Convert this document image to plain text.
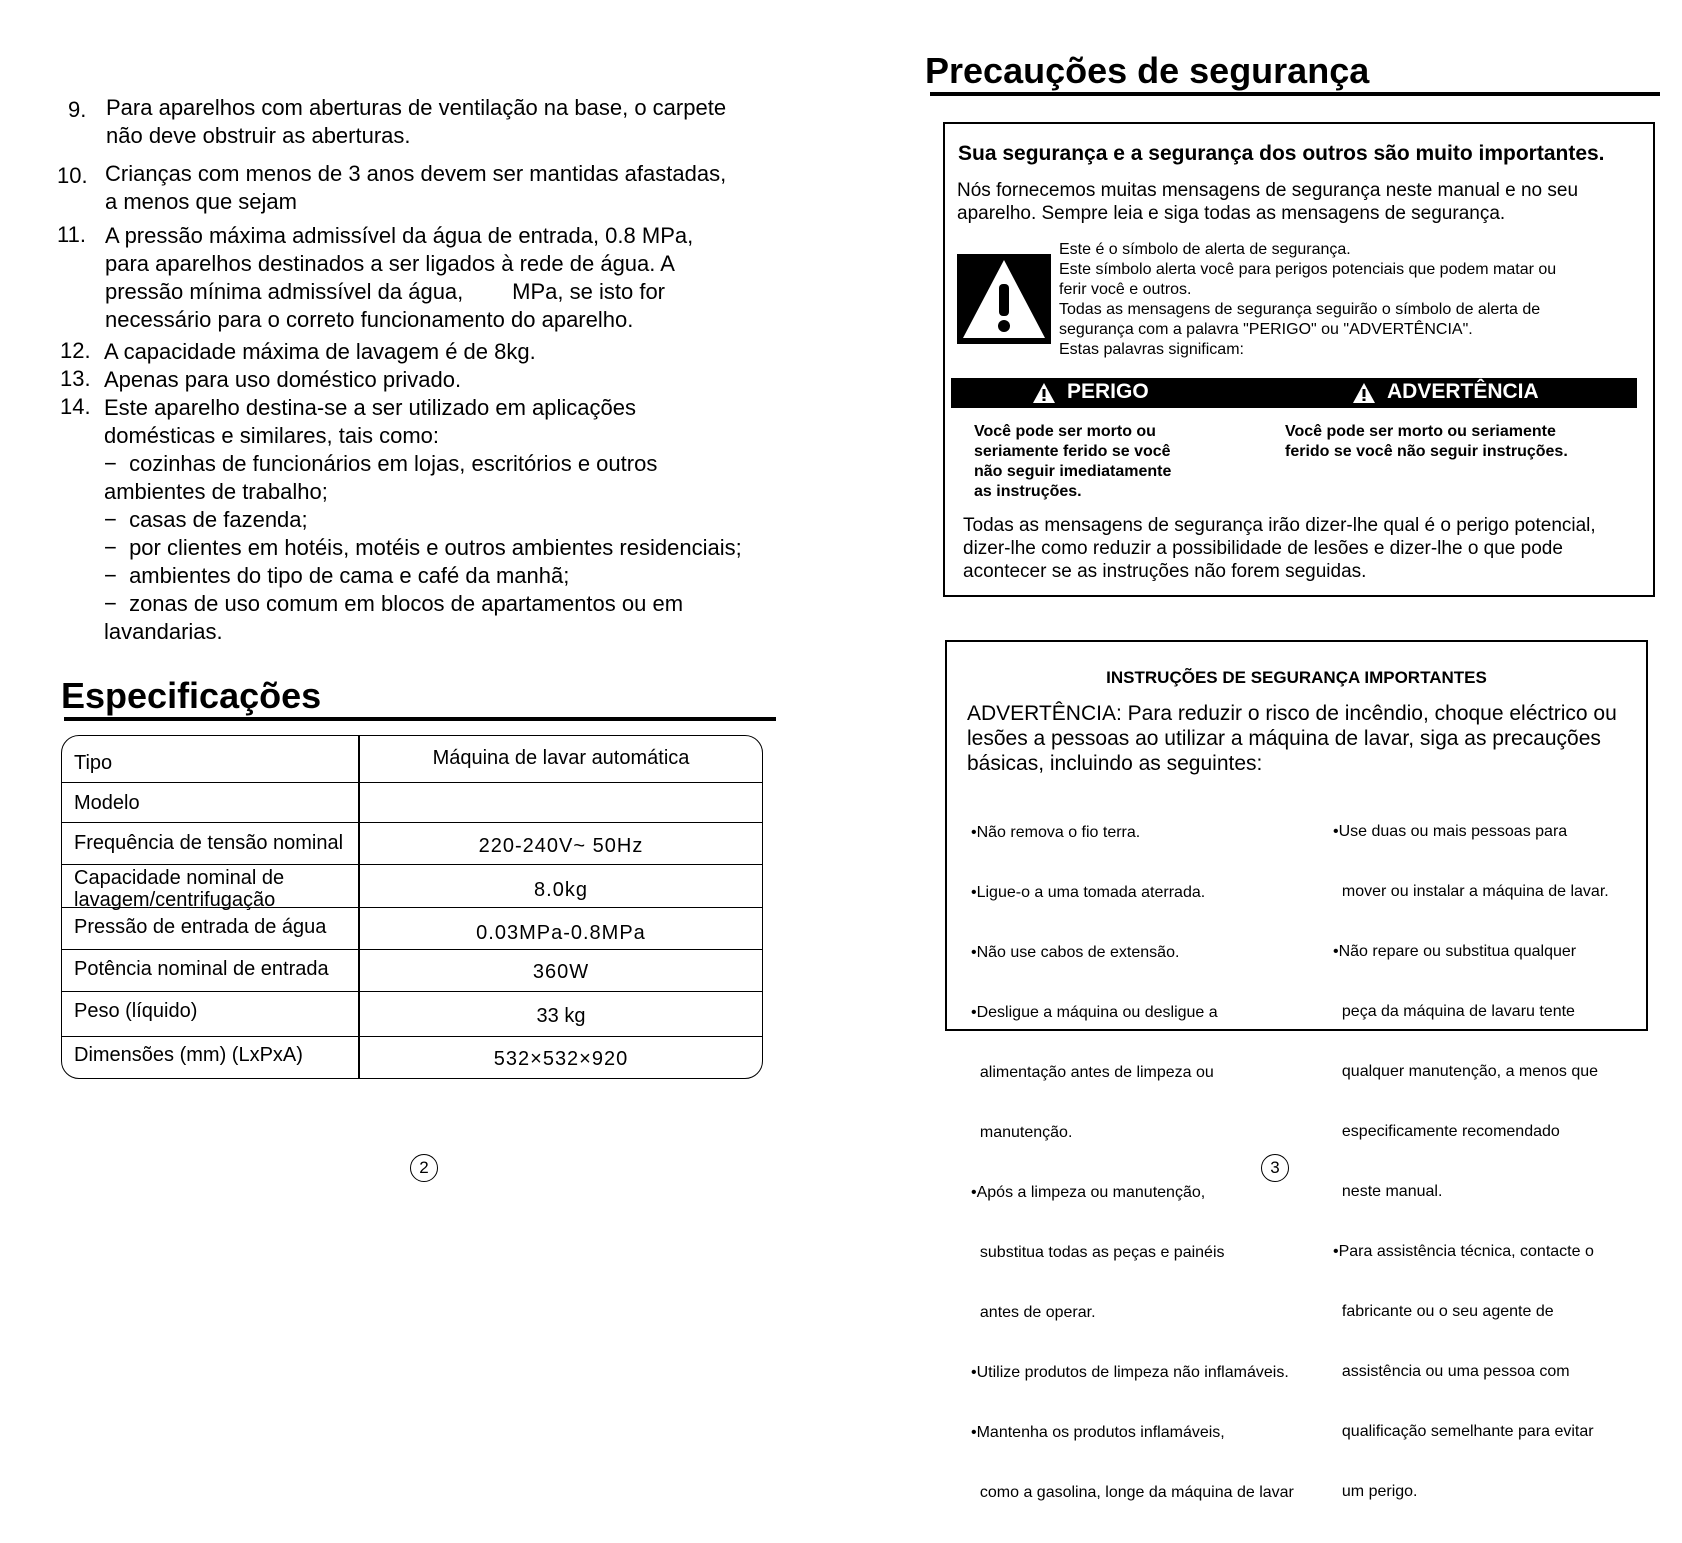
9. Para aparelhos com aberturas de ventilação na base, o carpete
não deve obstruir as aberturas.
10. Crianças com menos de 3 anos devem ser mantidas afastadas,
a menos que sejam
11. A pressão máxima admissível da água de entrada, 0.8 MPa,
para aparelhos destinados a ser ligados à rede de água. A
pressão mínima admissível da água,        MPa, se isto for
necessário para o correto funcionamento do aparelho.
12. A capacidade máxima de lavagem é de 8kg.
13. Apenas para uso doméstico privado.
14. Este aparelho destina-se a ser utilizado em aplicações
domésticas e similares, tais como:
−  cozinhas de funcionários em lojas, escritórios e outros
ambientes de trabalho;
−  casas de fazenda;
−  por clientes em hotéis, motéis e outros ambientes residenciais;
−  ambientes do tipo de cama e café da manhã;
−  zonas de uso comum em blocos de apartamentos ou em
lavandarias.
Especificações
Tipo	Máquina de lavar automática
Modelo
Frequência de tensão nominal	220-240V~ 50Hz
Capacidade nominal de
lavagem/centrifugação	8.0kg
Pressão de entrada de água	0.03MPa-0.8MPa
Potência nominal de entrada	360W
Peso (líquido)	33 kg
Dimensões (mm) (LxPxA)	532×532×920
2
Precauções de segurança
Sua segurança e a segurança dos outros são muito importantes.
Nós fornecemos muitas mensagens de segurança neste manual e no seu
aparelho. Sempre leia e siga todas as mensagens de segurança.
Este é o símbolo de alerta de segurança.
Este símbolo alerta você para perigos potenciais que podem matar ou
ferir você e outros.
Todas as mensagens de segurança seguirão o símbolo de alerta de
segurança com a palavra "PERIGO" ou "ADVERTÊNCIA".
Estas palavras significam:
PERIGO	ADVERTÊNCIA
Você pode ser morto ou
seriamente ferido se você
não seguir imediatamente
as instruções.
Você pode ser morto ou seriamente
ferido se você não seguir instruções.
Todas as mensagens de segurança irão dizer-lhe qual é o perigo potencial,
dizer-lhe como reduzir a possibilidade de lesões e dizer-lhe o que pode
acontecer se as instruções não forem seguidas.
INSTRUÇÕES DE SEGURANÇA IMPORTANTES
ADVERTÊNCIA: Para reduzir o risco de incêndio, choque eléctrico ou
lesões a pessoas ao utilizar a máquina de lavar, siga as precauções
básicas, incluindo as seguintes:

•Não remova o fio terra.

•Ligue-o a uma tomada aterrada.

•Não use cabos de extensão.

•Desligue a máquina ou desligue a

alimentação antes de limpeza ou

manutenção.

•Após a limpeza ou manutenção,

substitua todas as peças e painéis

antes de operar.

•Utilize produtos de limpeza não inflamáveis.

•Mantenha os produtos inflamáveis,

como a gasolina, longe da máquina de lavar

•Use duas ou mais pessoas para

mover ou instalar a máquina de lavar.

•Não repare ou substitua qualquer

peça da máquina de lavaru tente

qualquer manutenção, a menos que

especificamente recomendado

neste manual.

•Para assistência técnica, contacte o

fabricante ou o seu agente de

assistência ou uma pessoa com

qualificação semelhante para evitar

um perigo.

3
